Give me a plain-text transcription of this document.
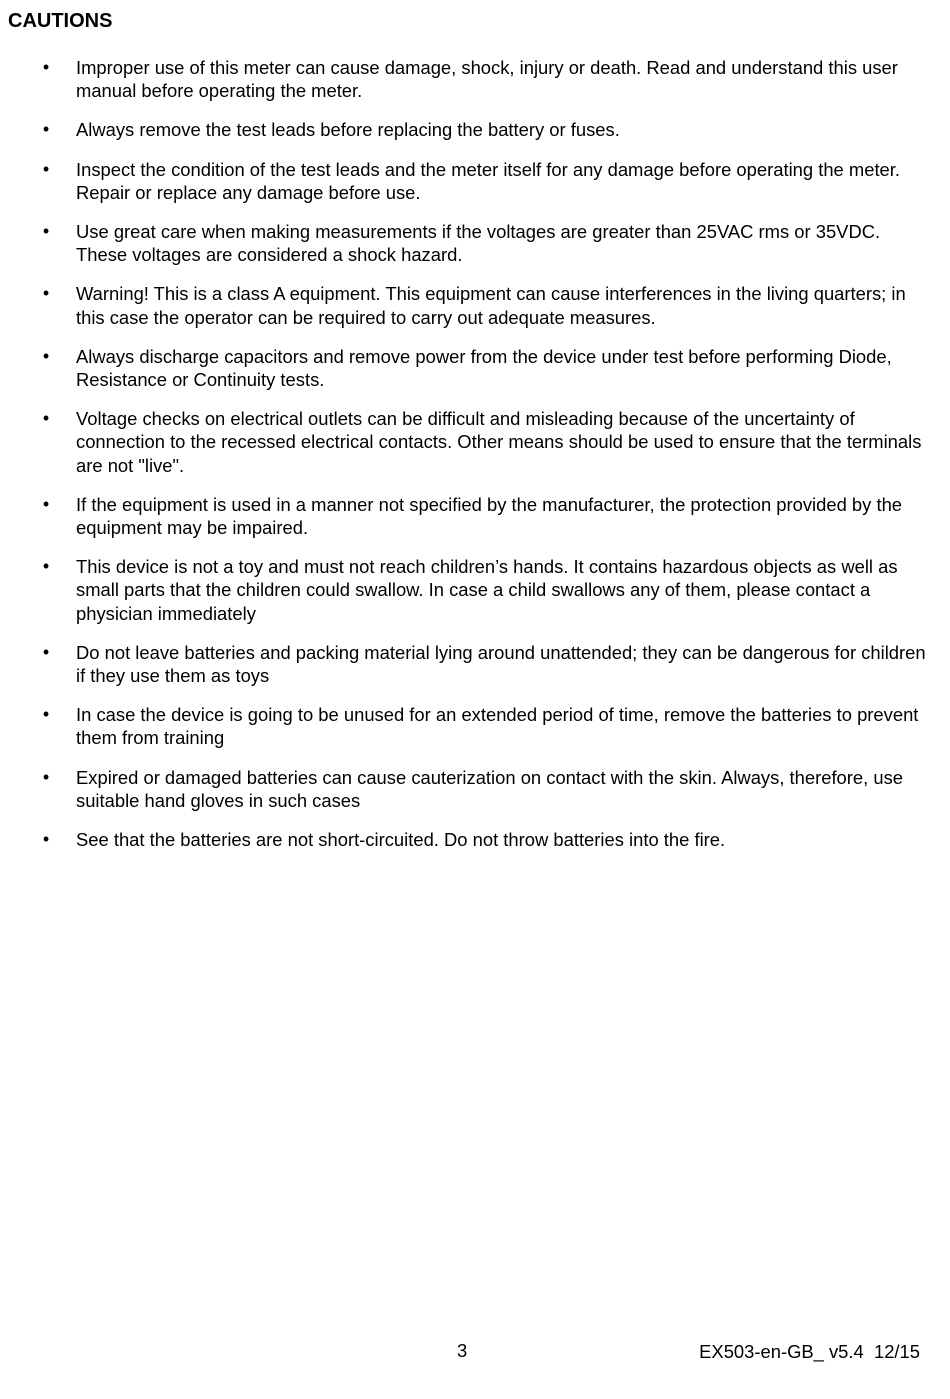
CAUTIONS
• Improper use of this meter can cause damage, shock, injury or death. Read and understand this user manual before operating the meter.
• Always remove the test leads before replacing the battery or fuses.
• Inspect the condition of the test leads and the meter itself for any damage before operating the meter. Repair or replace any damage before use.
• Use great care when making measurements if the voltages are greater than 25VAC rms or 35VDC. These voltages are considered a shock hazard.
• Warning! This is a class A equipment. This equipment can cause interferences in the living quarters; in this case the operator can be required to carry out adequate measures.
• Always discharge capacitors and remove power from the device under test before performing Diode, Resistance or Continuity tests.
• Voltage checks on electrical outlets can be difficult and misleading because of the uncertainty of connection to the recessed electrical contacts. Other means should be used to ensure that the terminals are not "live".
• If the equipment is used in a manner not specified by the manufacturer, the protection provided by the equipment may be impaired.
• This device is not a toy and must not reach children’s hands. It contains hazardous objects as well as small parts that the children could swallow. In case a child swallows any of them, please contact a physician immediately
• Do not leave batteries and packing material lying around unattended; they can be dangerous for children if they use them as toys
• In case the device is going to be unused for an extended period of time, remove the batteries to prevent them from training
• Expired or damaged batteries can cause cauterization on contact with the skin. Always, therefore, use suitable hand gloves in such cases
• See that the batteries are not short-circuited. Do not throw batteries into the fire.
3	EX503-en-GB_ v5.4  12/15
